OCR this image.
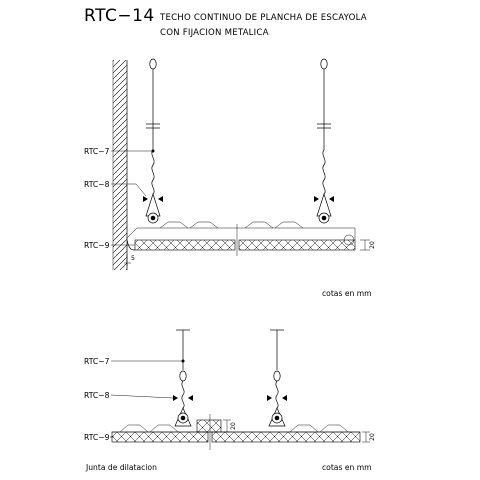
RTC−14 TECHO CONTINUO DE PLANCHA DE ESCAYOLA
CON FIJACION METALICA
20
5
RTC−7
RTC−8
RTC−9
cotas en mm
20
20
RTC−7
RTC−8
RTC−9
Junta de dilatacion	cotas en mm
